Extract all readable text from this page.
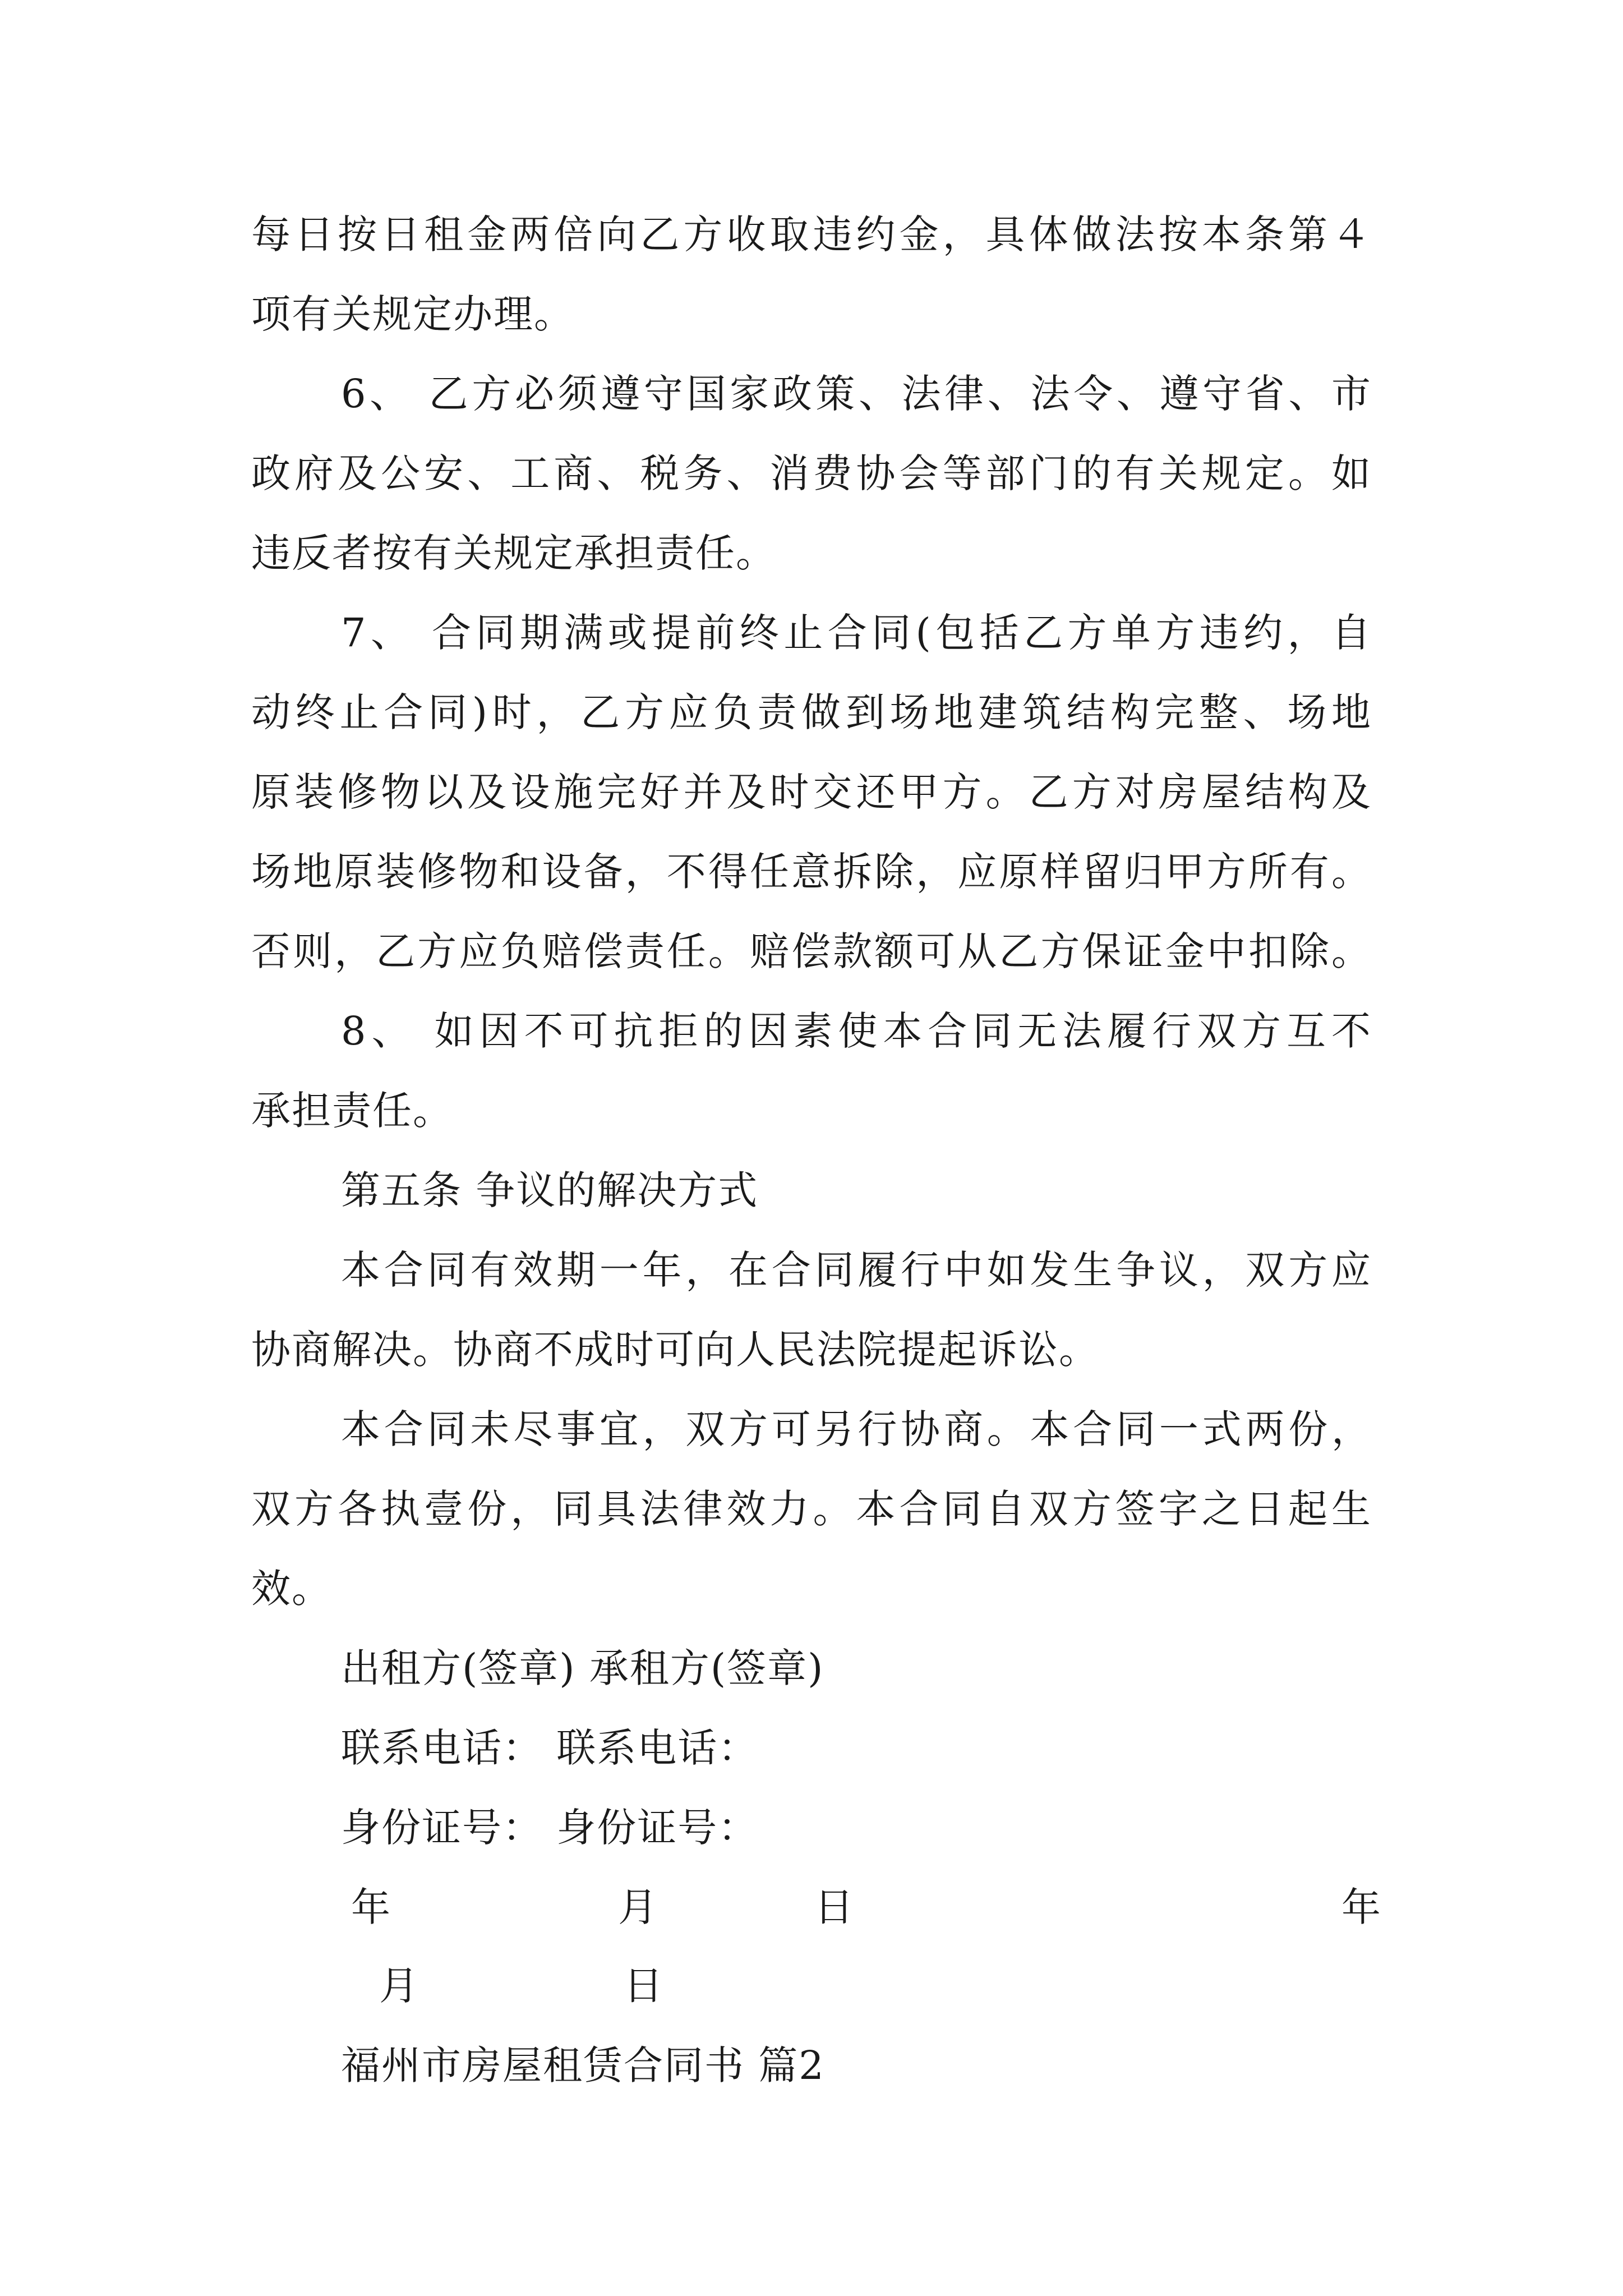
每日按日租金两倍向乙方收取违约金，具体做法按本条第４
项有关规定办理。
6、 乙方必须遵守国家政策、法律、法令、遵守省、市
政府及公安、工商、税务、消费协会等部门的有关规定。如
违反者按有关规定承担责任。
7、 合同期满或提前终止合同(包括乙方单方违约，自
动终止合同)时，乙方应负责做到场地建筑结构完整、场地
原装修物以及设施完好并及时交还甲方。乙方对房屋结构及
场地原装修物和设备，不得任意拆除，应原样留归甲方所有。
否则，乙方应负赔偿责任。赔偿款额可从乙方保证金中扣除。
8、 如因不可抗拒的因素使本合同无法履行双方互不
承担责任。
第五条 争议的解决方式
本合同有效期一年，在合同履行中如发生争议，双方应
协商解决。协商不成时可向人民法院提起诉讼。
本合同未尽事宜，双方可另行协商。本合同一式两份，
双方各执壹份，同具法律效力。本合同自双方签字之日起生
效。
出租方(签章) 承租方(签章)
联系电话： 联系电话：
身份证号： 身份证号：
年	月	日	年
月	日
福州市房屋租赁合同书 篇2
